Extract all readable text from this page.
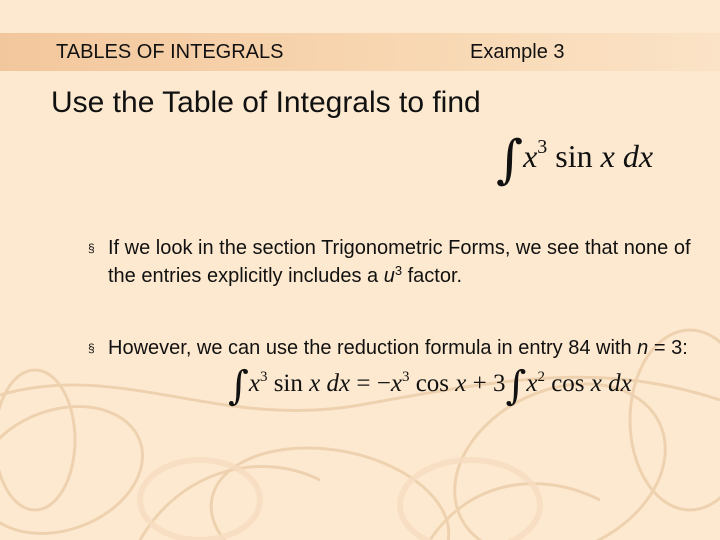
TABLES OF INTEGRALS	Example 3
Use the Table of Integrals to find
$\int x^3$ sin x dx
§ If we look in the section Trigonometric Forms, we see that none of the entries explicitly includes a $u^3$ factor.
§ However, we can use the reduction formula in entry 84 with n = 3:
$\int x^3$ sin x dx = $-x^3$ $\cos x + 3\int x^2$ cos x dx
